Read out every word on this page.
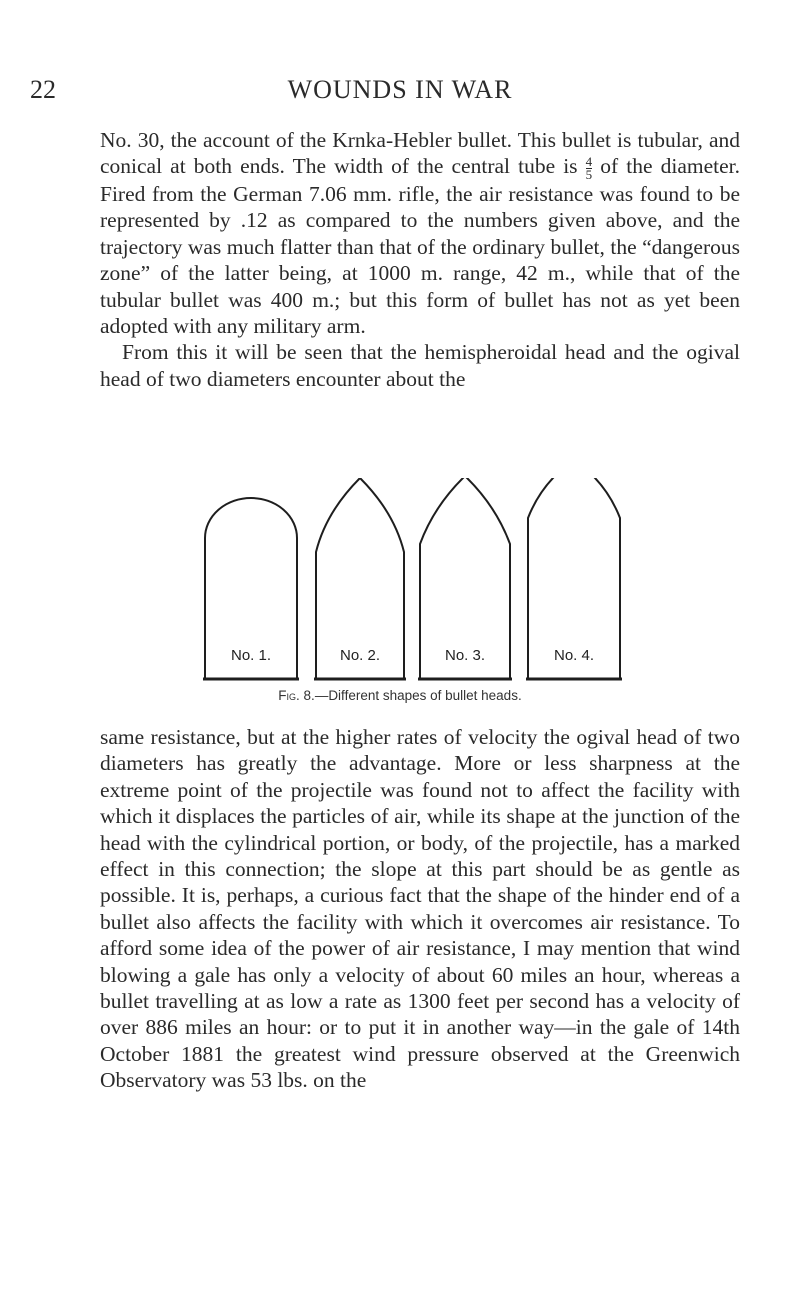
22	WOUNDS IN WAR

No. 30, the account of the Krnka-Hebler bullet. This bullet is tubular, and conical at both ends. The width of the central tube is $\frac{4}{5}$ of the diameter. Fired from the German 7.06 mm. rifle, the air resistance was found to be represented by .12 as compared to the numbers given above, and the trajectory was much flatter than that of the ordinary bullet, the “dangerous zone” of the latter being, at 1000 m. range, 42 m., while that of the tubular bullet was 400 m.; but this form of bullet has not as yet been adopted with any military arm.

From this it will be seen that the hemispheroidal head and the ogival head of two diameters encounter about the

No. 1.	No. 2.	No. 3.	No. 4.
Fig. 8.—Different shapes of bullet heads.

same resistance, but at the higher rates of velocity the ogival head of two diameters has greatly the advantage. More or less sharpness at the extreme point of the projectile was found not to affect the facility with which it displaces the particles of air, while its shape at the junction of the head with the cylindrical portion, or body, of the projectile, has a marked effect in this connection; the slope at this part should be as gentle as possible. It is, perhaps, a curious fact that the shape of the hinder end of a bullet also affects the facility with which it overcomes air resistance. To afford some idea of the power of air resistance, I may mention that wind blowing a gale has only a velocity of about 60 miles an hour, whereas a bullet travelling at as low a rate as 1300 feet per second has a velocity of over 886 miles an hour: or to put it in another way—in the gale of 14th October 1881 the greatest wind pressure observed at the Greenwich Observatory was 53 lbs. on the
